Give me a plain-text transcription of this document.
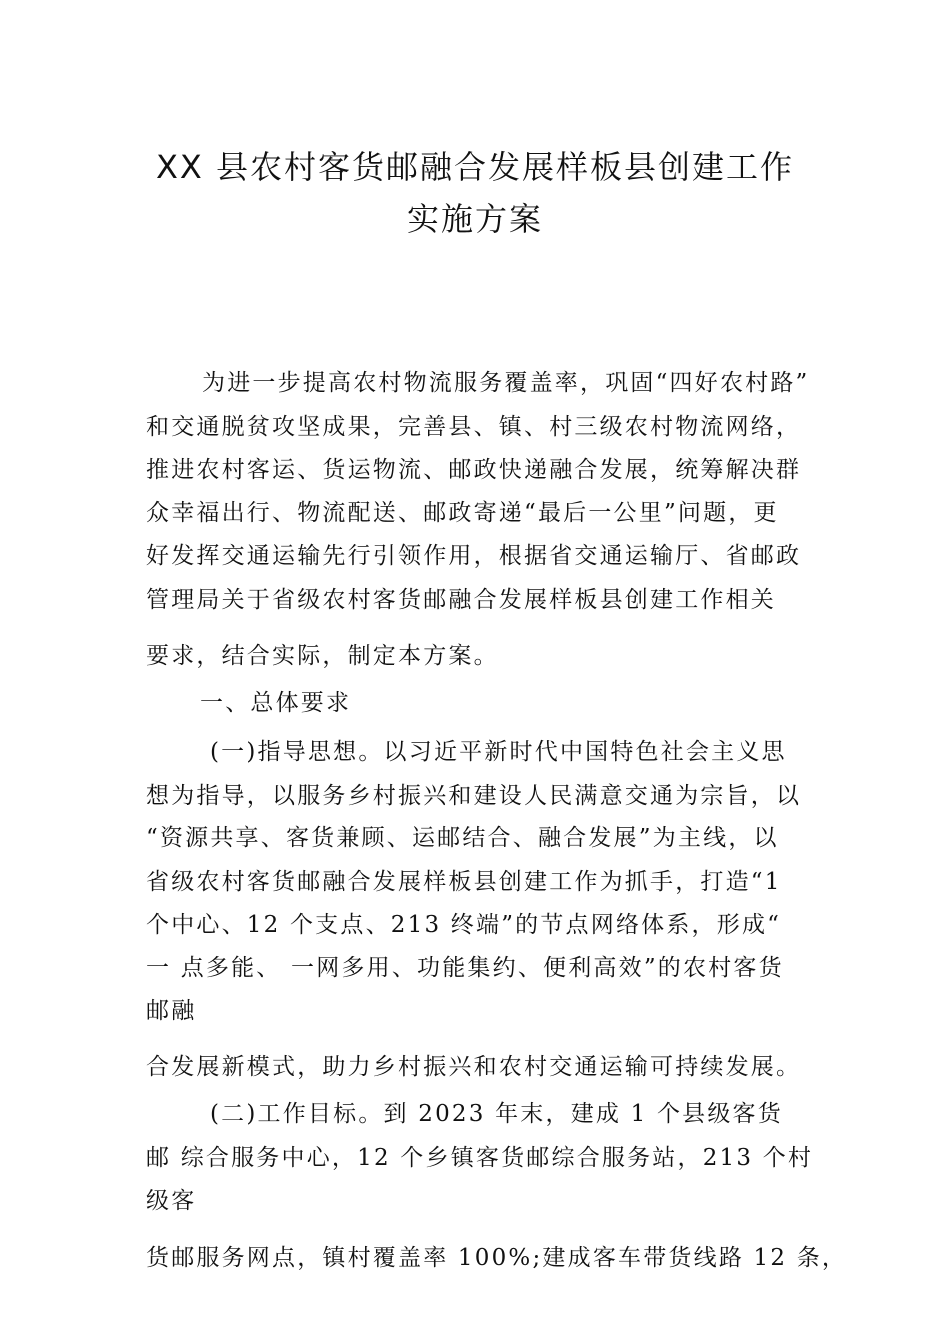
XX 县农村客货邮融合发展样板县创建工作
实施方案
为进一步提高农村物流服务覆盖率，巩固“四好农村路”
和交通脱贫攻坚成果，完善县、镇、村三级农村物流网络，
推进农村客运、货运物流、邮政快递融合发展，统筹解决群
众幸福出行、物流配送、邮政寄递“最后一公里”问题，更
好发挥交通运输先行引领作用，根据省交通运输厅、省邮政
管理局关于省级农村客货邮融合发展样板县创建工作相关
要求，结合实际，制定本方案。
一、总体要求
(一)指导思想。以习近平新时代中国特色社会主义思
想为指导，以服务乡村振兴和建设人民满意交通为宗旨，以
“资源共享、客货兼顾、运邮结合、融合发展”为主线，以
省级农村客货邮融合发展样板县创建工作为抓手，打造“1
个中心、12 个支点、213 终端”的节点网络体系，形成“
一 点多能、 一网多用、功能集约、便利高效”的农村客货
邮融
合发展新模式，助力乡村振兴和农村交通运输可持续发展。
(二)工作目标。到 2023 年末，建成 1 个县级客货
邮 综合服务中心，12 个乡镇客货邮综合服务站，213 个村
级客
货邮服务网点，镇村覆盖率 100%;建成客车带货线路 12 条，
